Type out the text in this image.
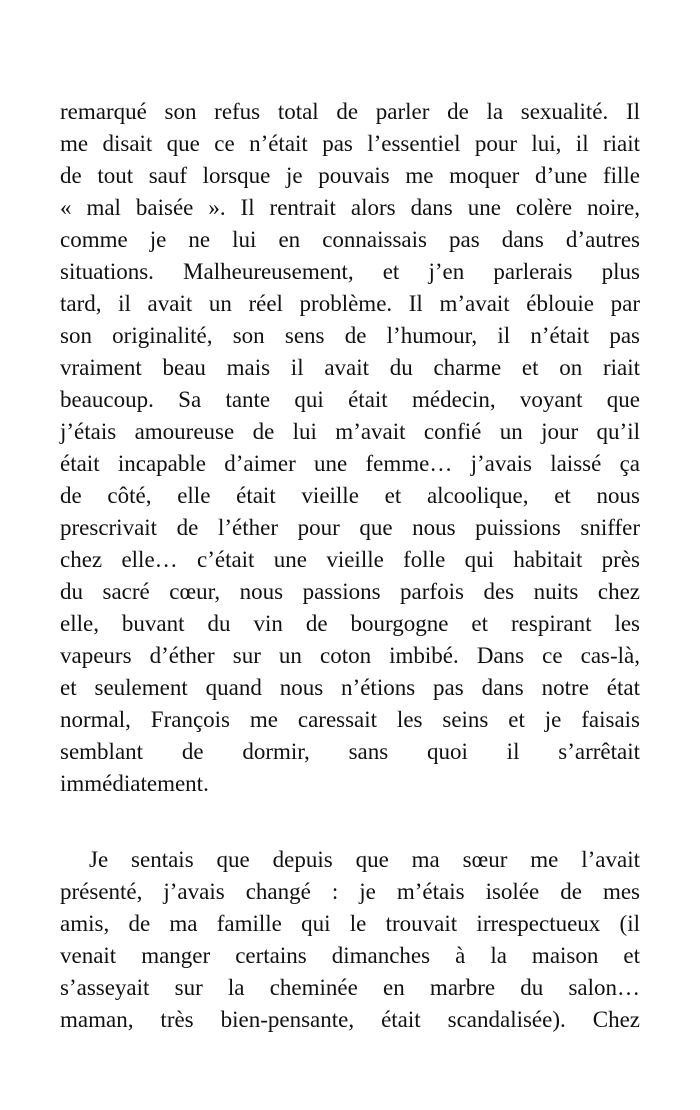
remarqué son refus total de parler de la sexualité. Il
me disait que ce n’était pas l’essentiel pour lui, il riait
de tout sauf lorsque je pouvais me moquer d’une fille
« mal baisée ». Il rentrait alors dans une colère noire,
comme je ne lui en connaissais pas dans d’autres
situations. Malheureusement, et j’en parlerais plus
tard, il avait un réel problème. Il m’avait éblouie par
son originalité, son sens de l’humour, il n’était pas
vraiment beau mais il avait du charme et on riait
beaucoup. Sa tante qui était médecin, voyant que
j’étais amoureuse de lui m’avait confié un jour qu’il
était incapable d’aimer une femme… j’avais laissé ça
de côté, elle était vieille et alcoolique, et nous
prescrivait de l’éther pour que nous puissions sniffer
chez elle… c’était une vieille folle qui habitait près
du sacré cœur, nous passions parfois des nuits chez
elle, buvant du vin de bourgogne et respirant les
vapeurs d’éther sur un coton imbibé. Dans ce cas-là,
et seulement quand nous n’étions pas dans notre état
normal, François me caressait les seins et je faisais
semblant de dormir, sans quoi il s’arrêtait
immédiatement.
Je sentais que depuis que ma sœur me l’avait
présenté, j’avais changé : je m’étais isolée de mes
amis, de ma famille qui le trouvait irrespectueux (il
venait manger certains dimanches à la maison et
s’asseyait sur la cheminée en marbre du salon…
maman, très bien-pensante, était scandalisée). Chez
